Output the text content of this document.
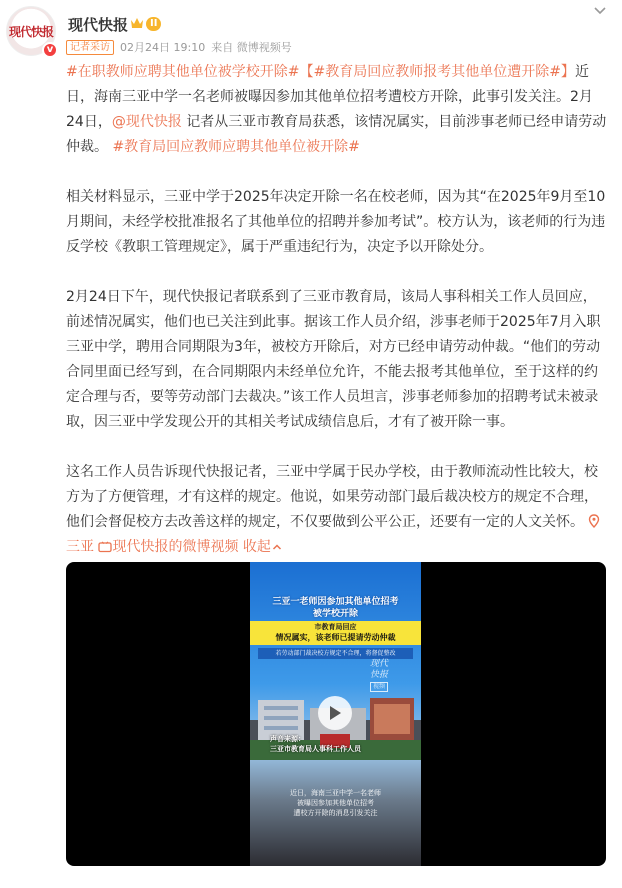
现代快报
v
现代快报	II
记者采访 02月24日 19:10 来自 微博视频号

#在职教师应聘其他单位被学校开除#【#教育局回应教师报考其他单位遭开除#】近日，海南三亚中学一名老师被曝因参加其他单位招考遭校方开除，此事引发关注。2月24日，@现代快报 记者从三亚市教育局获悉，该情况属实，目前涉事老师已经申请劳动仲裁。 #教育局回应教师应聘其他单位被开除#

相关材料显示，三亚中学于2025年决定开除一名在校老师，因为其“在2025年9月至10月期间，未经学校批准报名了其他单位的招聘并参加考试”。校方认为，该老师的行为违反学校《教职工管理规定》，属于严重违纪行为，决定予以开除处分。

2月24日下午，现代快报记者联系到了三亚市教育局，该局人事科相关工作人员回应，前述情况属实，他们也已关注到此事。据该工作人员介绍，涉事老师于2025年7月入职三亚中学，聘用合同期限为3年，被校方开除后，对方已经申请劳动仲裁。“他们的劳动合同里面已经写到，在合同期限内未经单位允许，不能去报考其他单位，至于这样的约定合理与否，要等劳动部门去裁决。”该工作人员坦言，涉事老师参加的招聘考试未被录取，因三亚中学发现公开的其相关考试成绩信息后，才有了被开除一事。

这名工作人员告诉现代快报记者，三亚中学属于民办学校，由于教师流动性比较大，校方为了方便管理，才有这样的规定。他说，如果劳动部门最后裁决校方的规定不合理，他们会督促校方去改善这样的规定，不仅要做到公平公正，还要有一定的人文关怀。

三亚 现代快报的微博视频 收起

三亚一老师因参加其他单位招考
被学校开除
市教育局回应
情况属实，该老师已提请劳动仲裁
若劳动部门裁决校方规定不合理，将督促整改
现代
快报
视频
声音来源：
三亚市教育局人事科工作人员
近日，海南三亚中学一名老师
被曝因参加其他单位招考
遭校方开除的消息引发关注
